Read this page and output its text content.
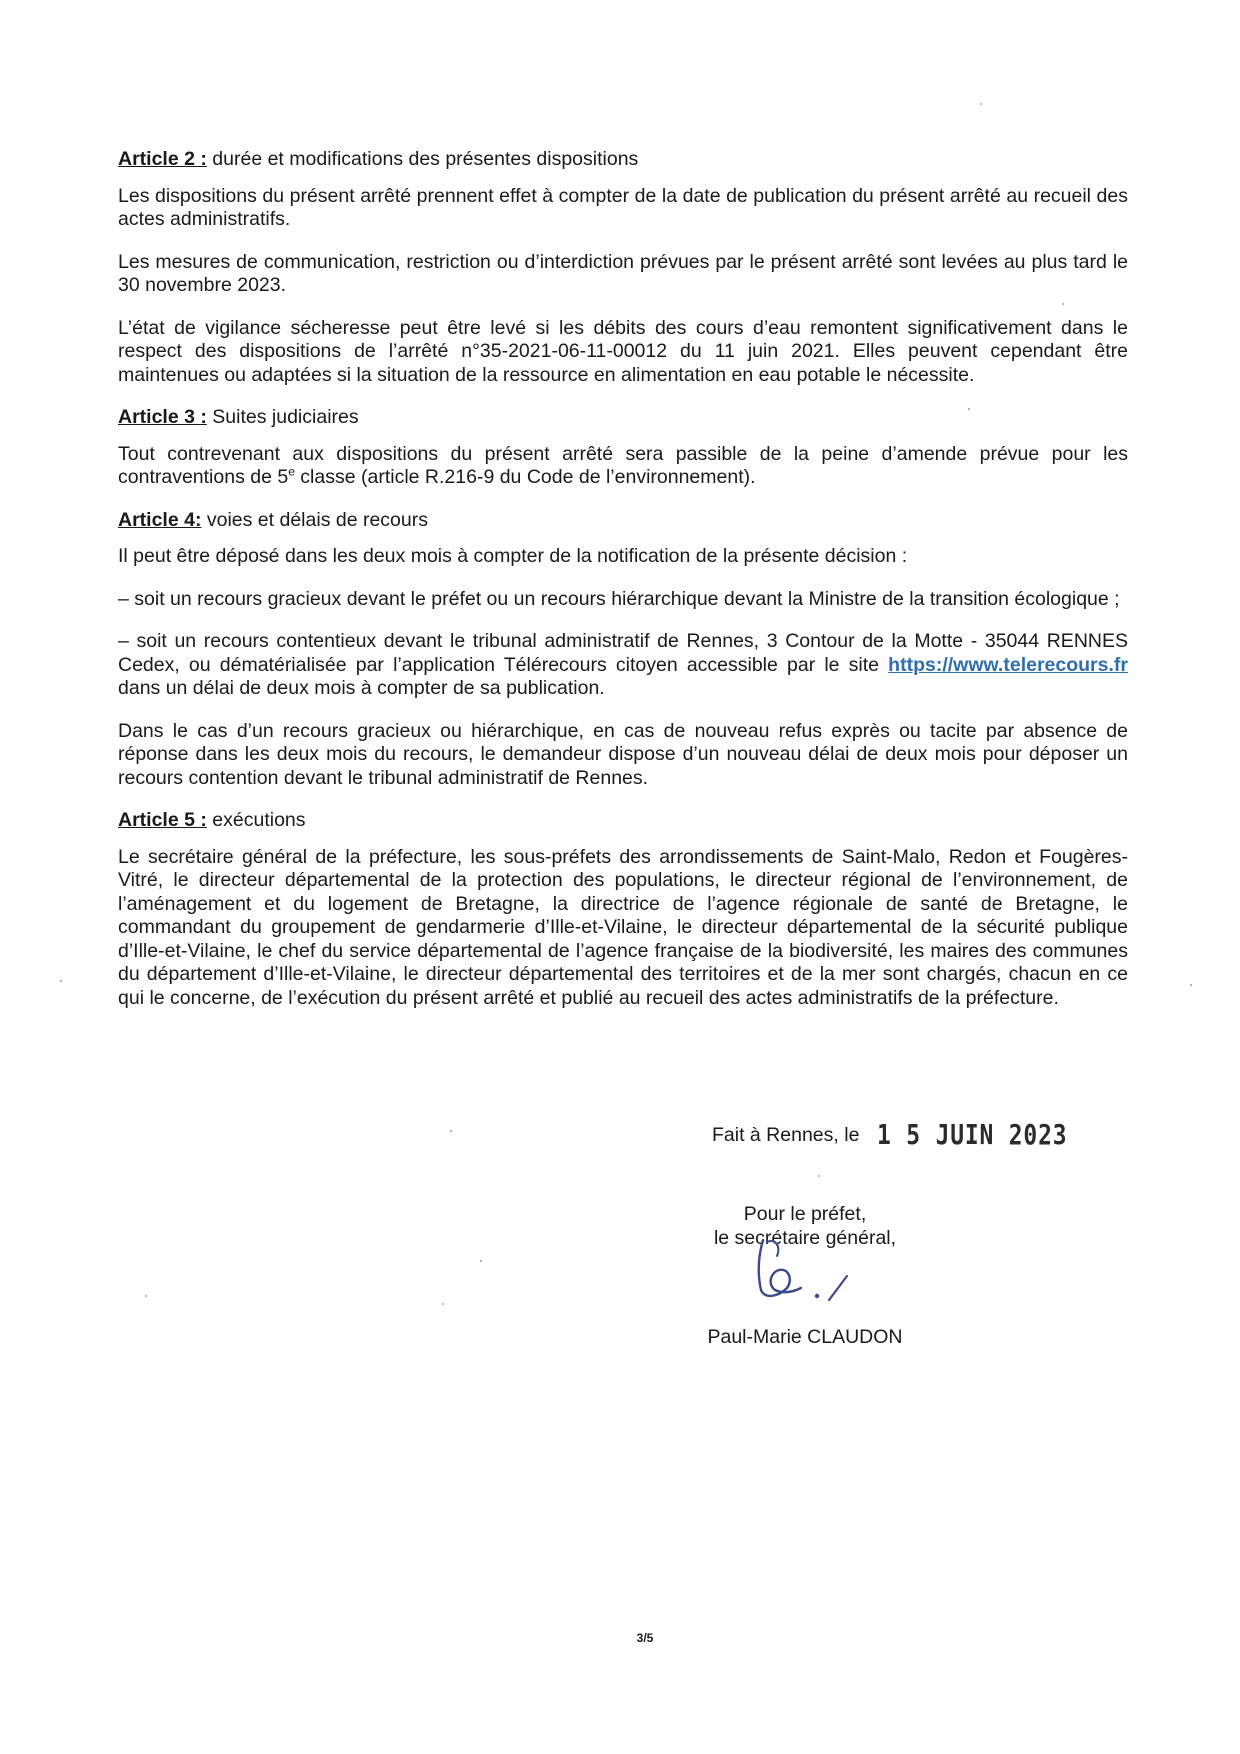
Article 2 : durée et modifications des présentes dispositions

Les dispositions du présent arrêté prennent effet à compter de la date de publication du présent arrêté au recueil des actes administratifs.

Les mesures de communication, restriction ou d’interdiction prévues par le présent arrêté sont levées au plus tard le 30 novembre 2023.

L’état de vigilance sécheresse peut être levé si les débits des cours d’eau remontent significativement dans le respect des dispositions de l’arrêté n°35-2021-06-11-00012 du 11 juin 2021. Elles peuvent cependant être maintenues ou adaptées si la situation de la ressource en alimentation en eau potable le nécessite.

Article 3 : Suites judiciaires

Tout contrevenant aux dispositions du présent arrêté sera passible de la peine d’amende prévue pour les contraventions de 5e classe (article R.216-9 du Code de l’environnement).

Article 4: voies et délais de recours

Il peut être déposé dans les deux mois à compter de la notification de la présente décision :

– soit un recours gracieux devant le préfet ou un recours hiérarchique devant la Ministre de la transition écologique ;

– soit un recours contentieux devant le tribunal administratif de Rennes, 3 Contour de la Motte - 35044 RENNES Cedex, ou dématérialisée par l’application Télérecours citoyen accessible par le site https://www.telerecours.fr dans un délai de deux mois à compter de sa publication.

Dans le cas d’un recours gracieux ou hiérarchique, en cas de nouveau refus exprès ou tacite par absence de réponse dans les deux mois du recours, le demandeur dispose d’un nouveau délai de deux mois pour déposer un recours contention devant le tribunal administratif de Rennes.

Article 5 : exécutions

Le secrétaire général de la préfecture, les sous-préfets des arrondissements de Saint-Malo, Redon et Fougères-Vitré, le directeur départemental de la protection des populations, le directeur régional de l’environnement, de l’aménagement et du logement de Bretagne, la directrice de l’agence régionale de santé de Bretagne, le commandant du groupement de gendarmerie d’Ille-et-Vilaine, le directeur départemental de la sécurité publique d’Ille-et-Vilaine, le chef du service départemental de l’agence française de la biodiversité, les maires des communes du département d’Ille-et-Vilaine, le directeur départemental des territoires et de la mer sont chargés, chacun en ce qui le concerne, de l’exécution du présent arrêté et publié au recueil des actes administratifs de la préfecture.

Fait à Rennes, le 1 5 JUIN 2023
Pour le préfet,
le secrétaire général,
Paul-Marie CLAUDON
3/5
